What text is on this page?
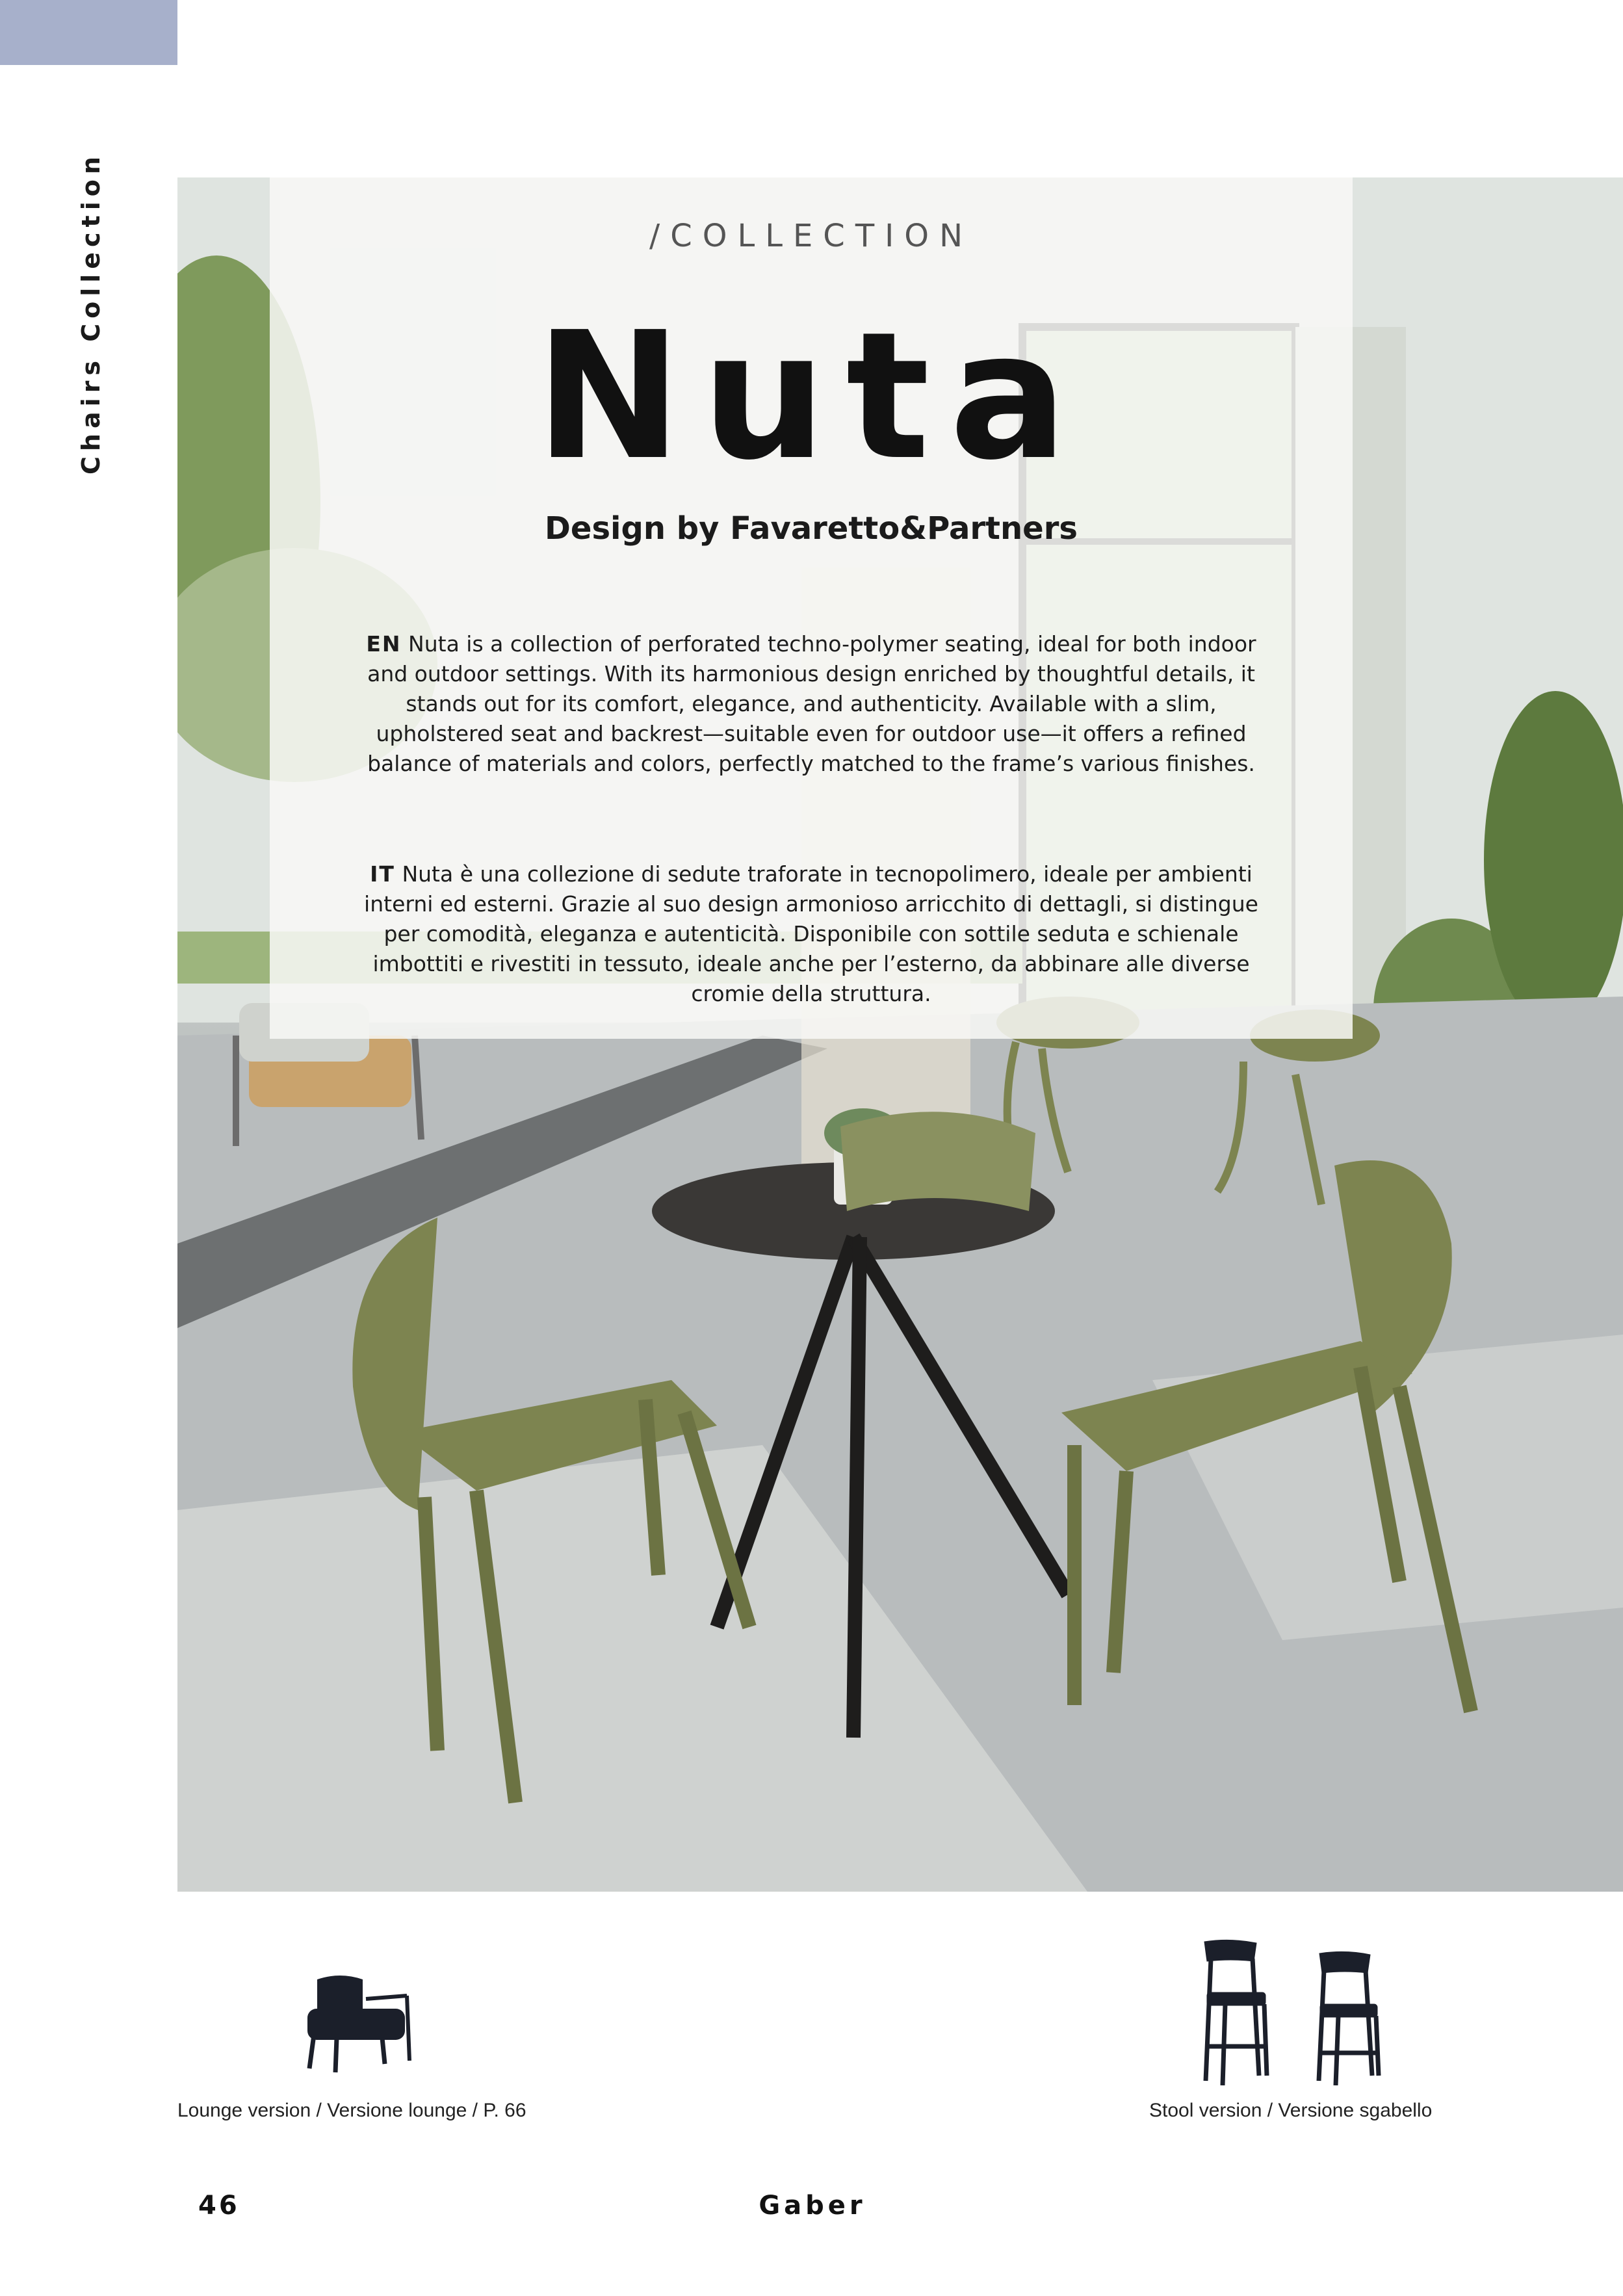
Chairs Collection	/COLLECTION
Nuta
Design by Favaretto&Partners
EN Nuta is a collection of perforated techno-polymer seating, ideal for both indoor and outdoor settings. With its harmonious design enriched by thoughtful details, it stands out for its comfort, elegance, and authenticity. Available with a slim, upholstered seat and backrest—suitable even for outdoor use—it offers a refined balance of materials and colors, perfectly matched to the frame’s various finishes.
IT Nuta è una collezione di sedute traforate in tecnopolimero, ideale per ambienti interni ed esterni. Grazie al suo design armonioso arricchito di dettagli, si distingue per comodità, eleganza e autenticità. Disponibile con sottile seduta e schienale imbottiti e rivestiti in tessuto, ideale anche per l’esterno, da abbinare alle diverse cromie della struttura.
Lounge version / Versione lounge / P. 66	Stool version / Versione sgabello
46	Gaber
